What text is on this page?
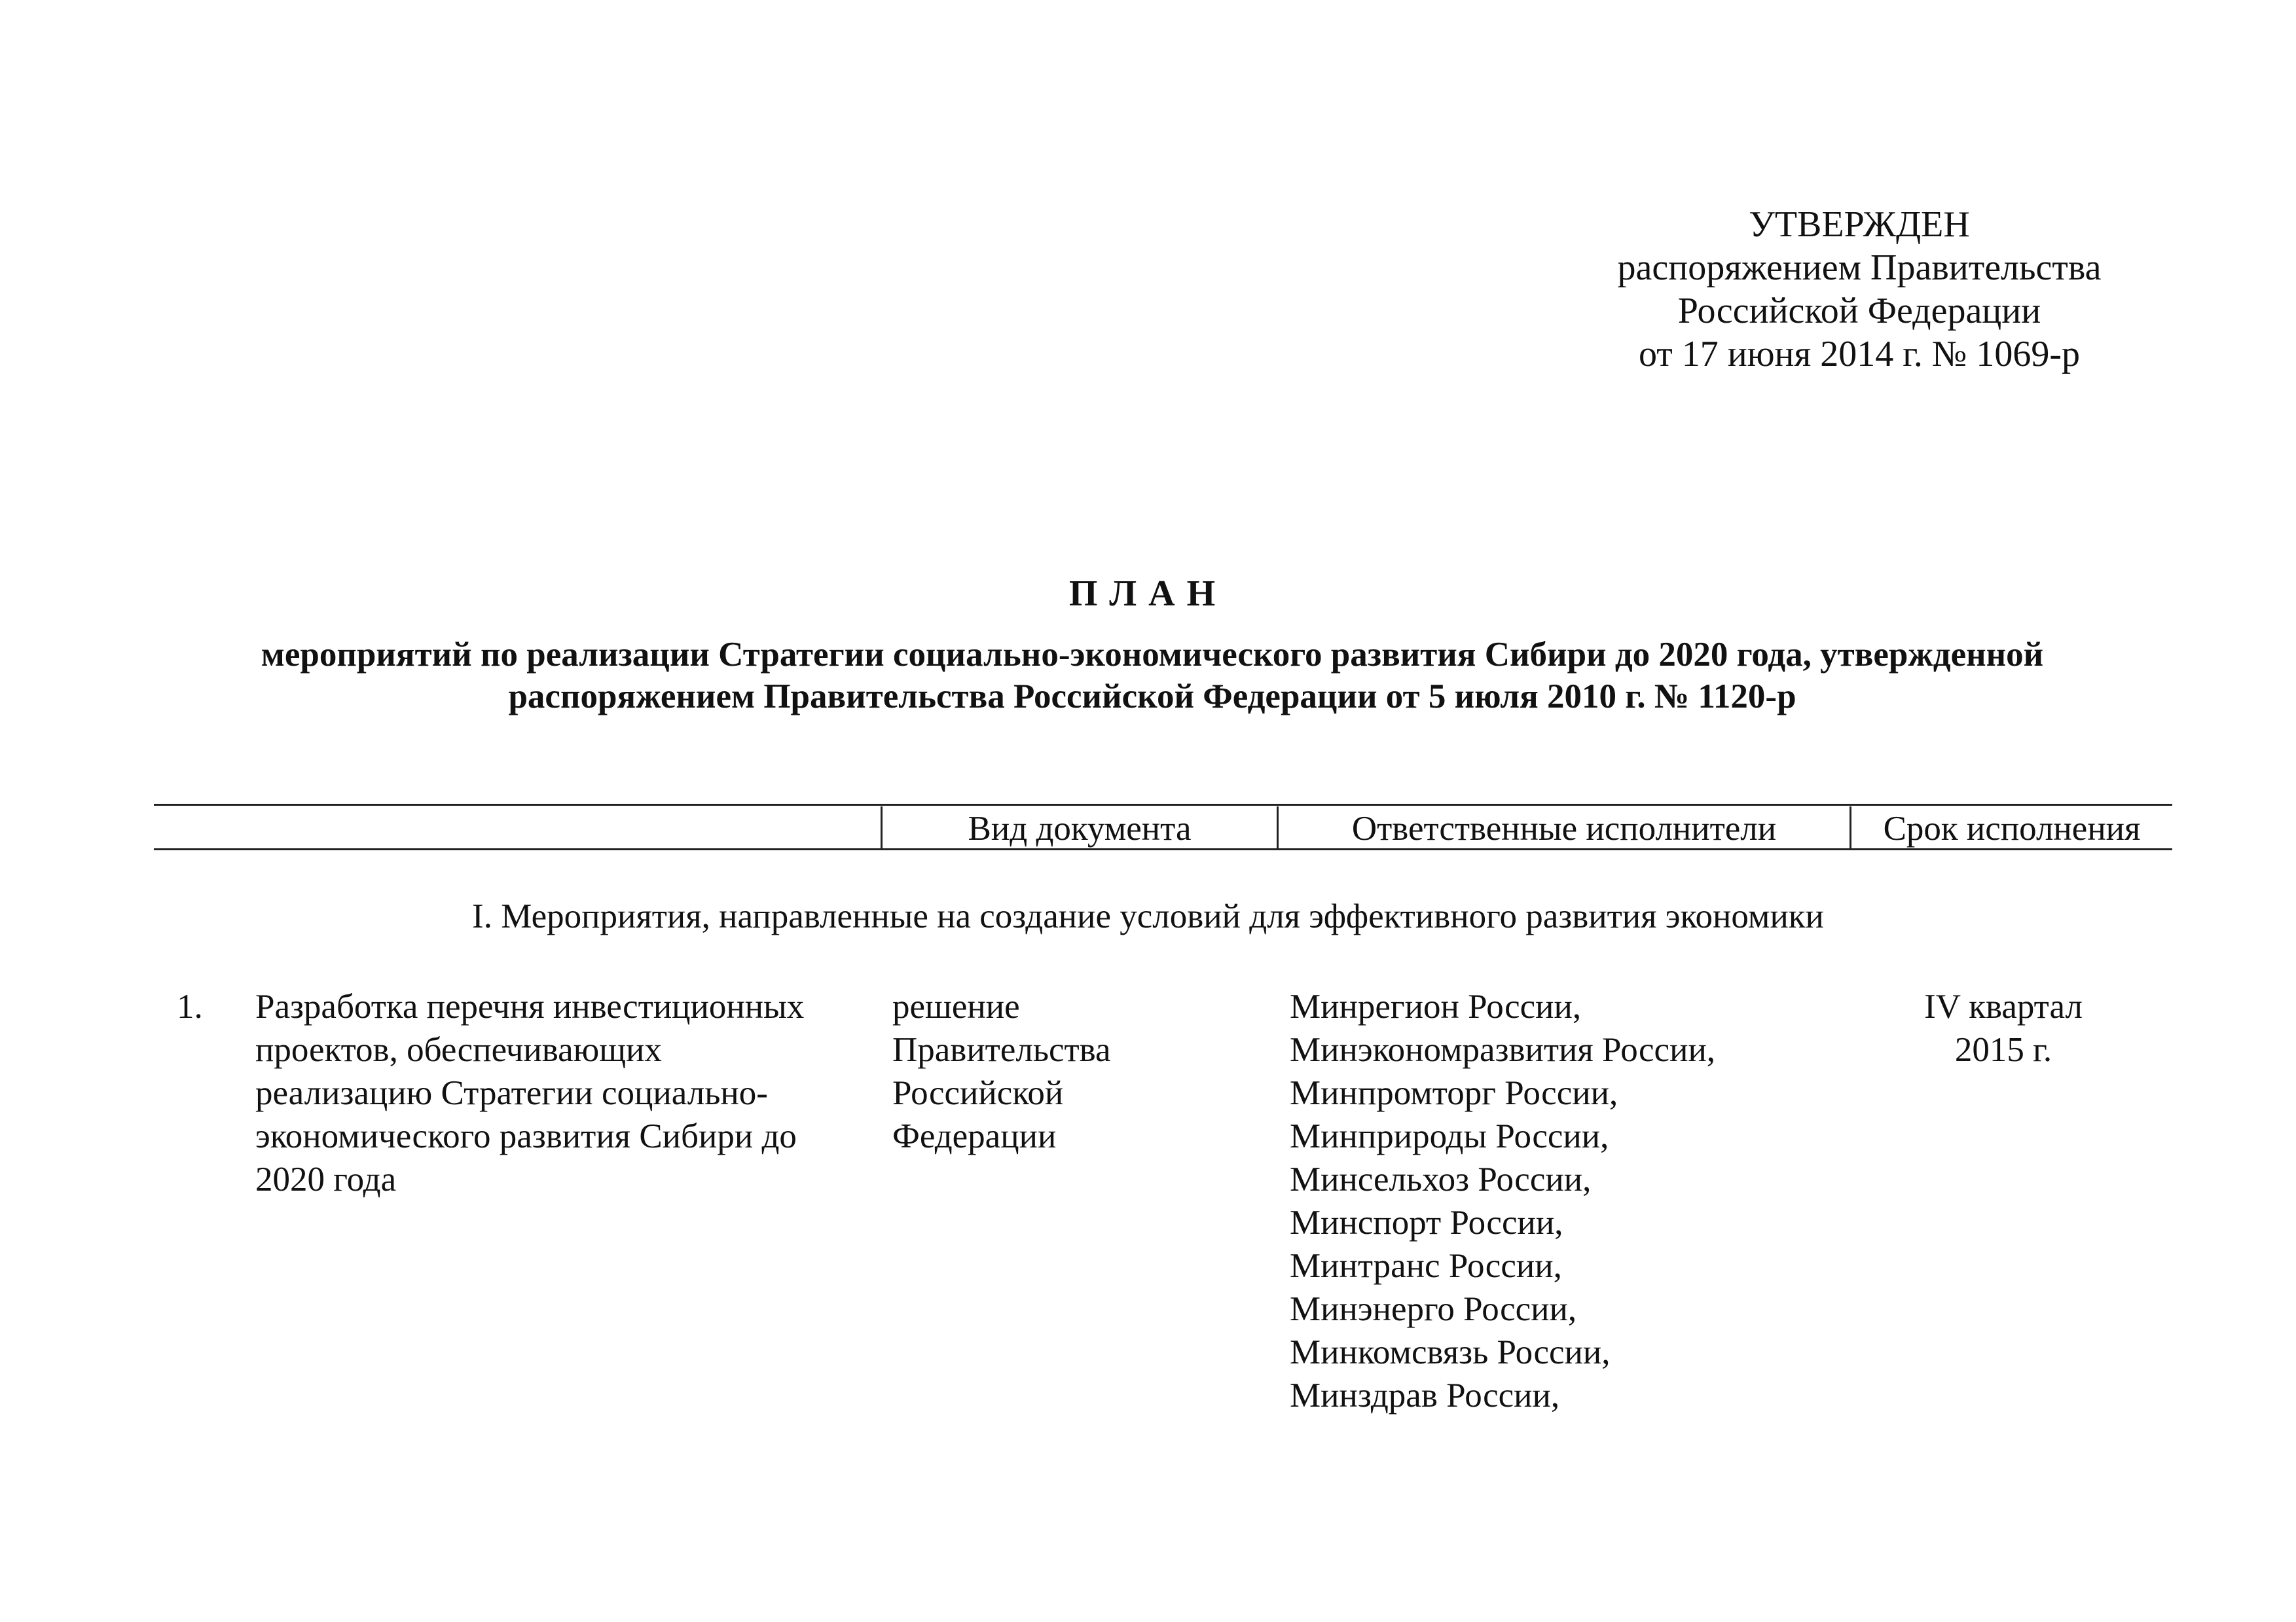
УТВЕРЖДЕН
распоряжением Правительства
Российской Федерации
от 17 июня 2014 г. № 1069-р
ПЛАН
мероприятий по реализации Стратегии социально-экономического развития Сибири до 2020 года, утвержденной
распоряжением Правительства Российской Федерации от 5 июля 2010 г. № 1120-р
Вид документа	Ответственные исполнители	Срок исполнения
I. Мероприятия, направленные на создание условий для эффективного развития экономики
1. Разработка перечня инвестиционных
проектов, обеспечивающих
реализацию Стратегии социально-
экономического развития Сибири до
2020 года
решение
Правительства
Российской
Федерации
Минрегион России,
Минэкономразвития России,
Минпромторг России,
Минприроды России,
Минсельхоз России,
Минспорт России,
Минтранс России,
Минэнерго России,
Минкомсвязь России,
Минздрав России,
IV квартал
2015 г.
